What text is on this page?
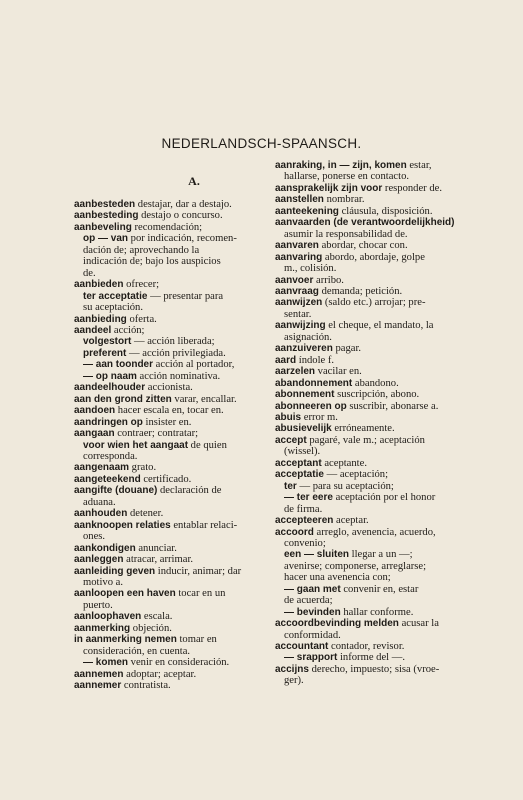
NEDERLANDSCH-SPAANSCH.
A.
aanbesteden destajar, dar a destajo.
aanbesteding destajo o concurso.
aanbeveling recomendación;
op — van por indicación, recomen-
dación de; aprovechando la
indicación de; bajo los auspicios
de.
aanbieden ofrecer;
ter acceptatie — presentar para
su aceptación.
aanbieding oferta.
aandeel acción;
volgestort — acción liberada;
preferent — acción privilegiada.
— aan toonder acción al portador,
— op naam acción nominativa.
aandeelhouder accionista.
aan den grond zitten varar, encallar.
aandoen hacer escala en, tocar en.
aandringen op insister en.
aangaan contraer; contratar;
voor wien het aangaat de quien
corresponda.
aangenaam grato.
aangeteekend certificado.
aangifte (douane) declaración de
aduana.
aanhouden detener.
aanknoopen relaties entablar relaci-
ones.
aankondigen anunciar.
aanleggen atracar, arrimar.
aanleiding geven inducir, animar; dar
motivo a.
aanloopen een haven tocar en un
puerto.
aanloophaven escala.
aanmerking objeción.
in aanmerking nemen tomar en
consideración, en cuenta.
— komen venir en consideración.
aannemen adoptar; aceptar.
aannemer contratista.
aanraking, in — zijn, komen estar,
hallarse, ponerse en contacto.
aansprakelijk zijn voor responder de.
aanstellen nombrar.
aanteekening cláusula, disposición.
aanvaarden (de verantwoordelijkheid)
asumir la responsabilidad de.
aanvaren abordar, chocar con.
aanvaring abordo, abordaje, golpe
m., colisión.
aanvoer arribo.
aanvraag demanda; petición.
aanwijzen (saldo etc.) arrojar; pre-
sentar.
aanwijzing el cheque, el mandato, la
asignación.
aanzuiveren pagar.
aard índole f.
aarzelen vacilar en.
abandonnement abandono.
abonnement suscripción, abono.
abonneeren op suscribir, abonarse a.
abuis error m.
abusievelijk erróneamente.
accept pagaré, vale m.; aceptación
(wissel).
acceptant aceptante.
acceptatie — aceptación;
ter — para su aceptación;
— ter eere aceptación por el honor
de firma.
accepteeren aceptar.
accoord arreglo, avenencia, acuerdo,
convenio;
een — sluiten llegar a un —;
avenirse; componerse, arreglarse;
hacer una avenencia con;
— gaan met convenir en, estar
de acuerda;
— bevinden hallar conforme.
accoordbevinding melden acusar la
conformidad.
accountant contador, revisor.
— srapport informe del —.
accijns derecho, impuesto; sisa (vroe-
ger).
